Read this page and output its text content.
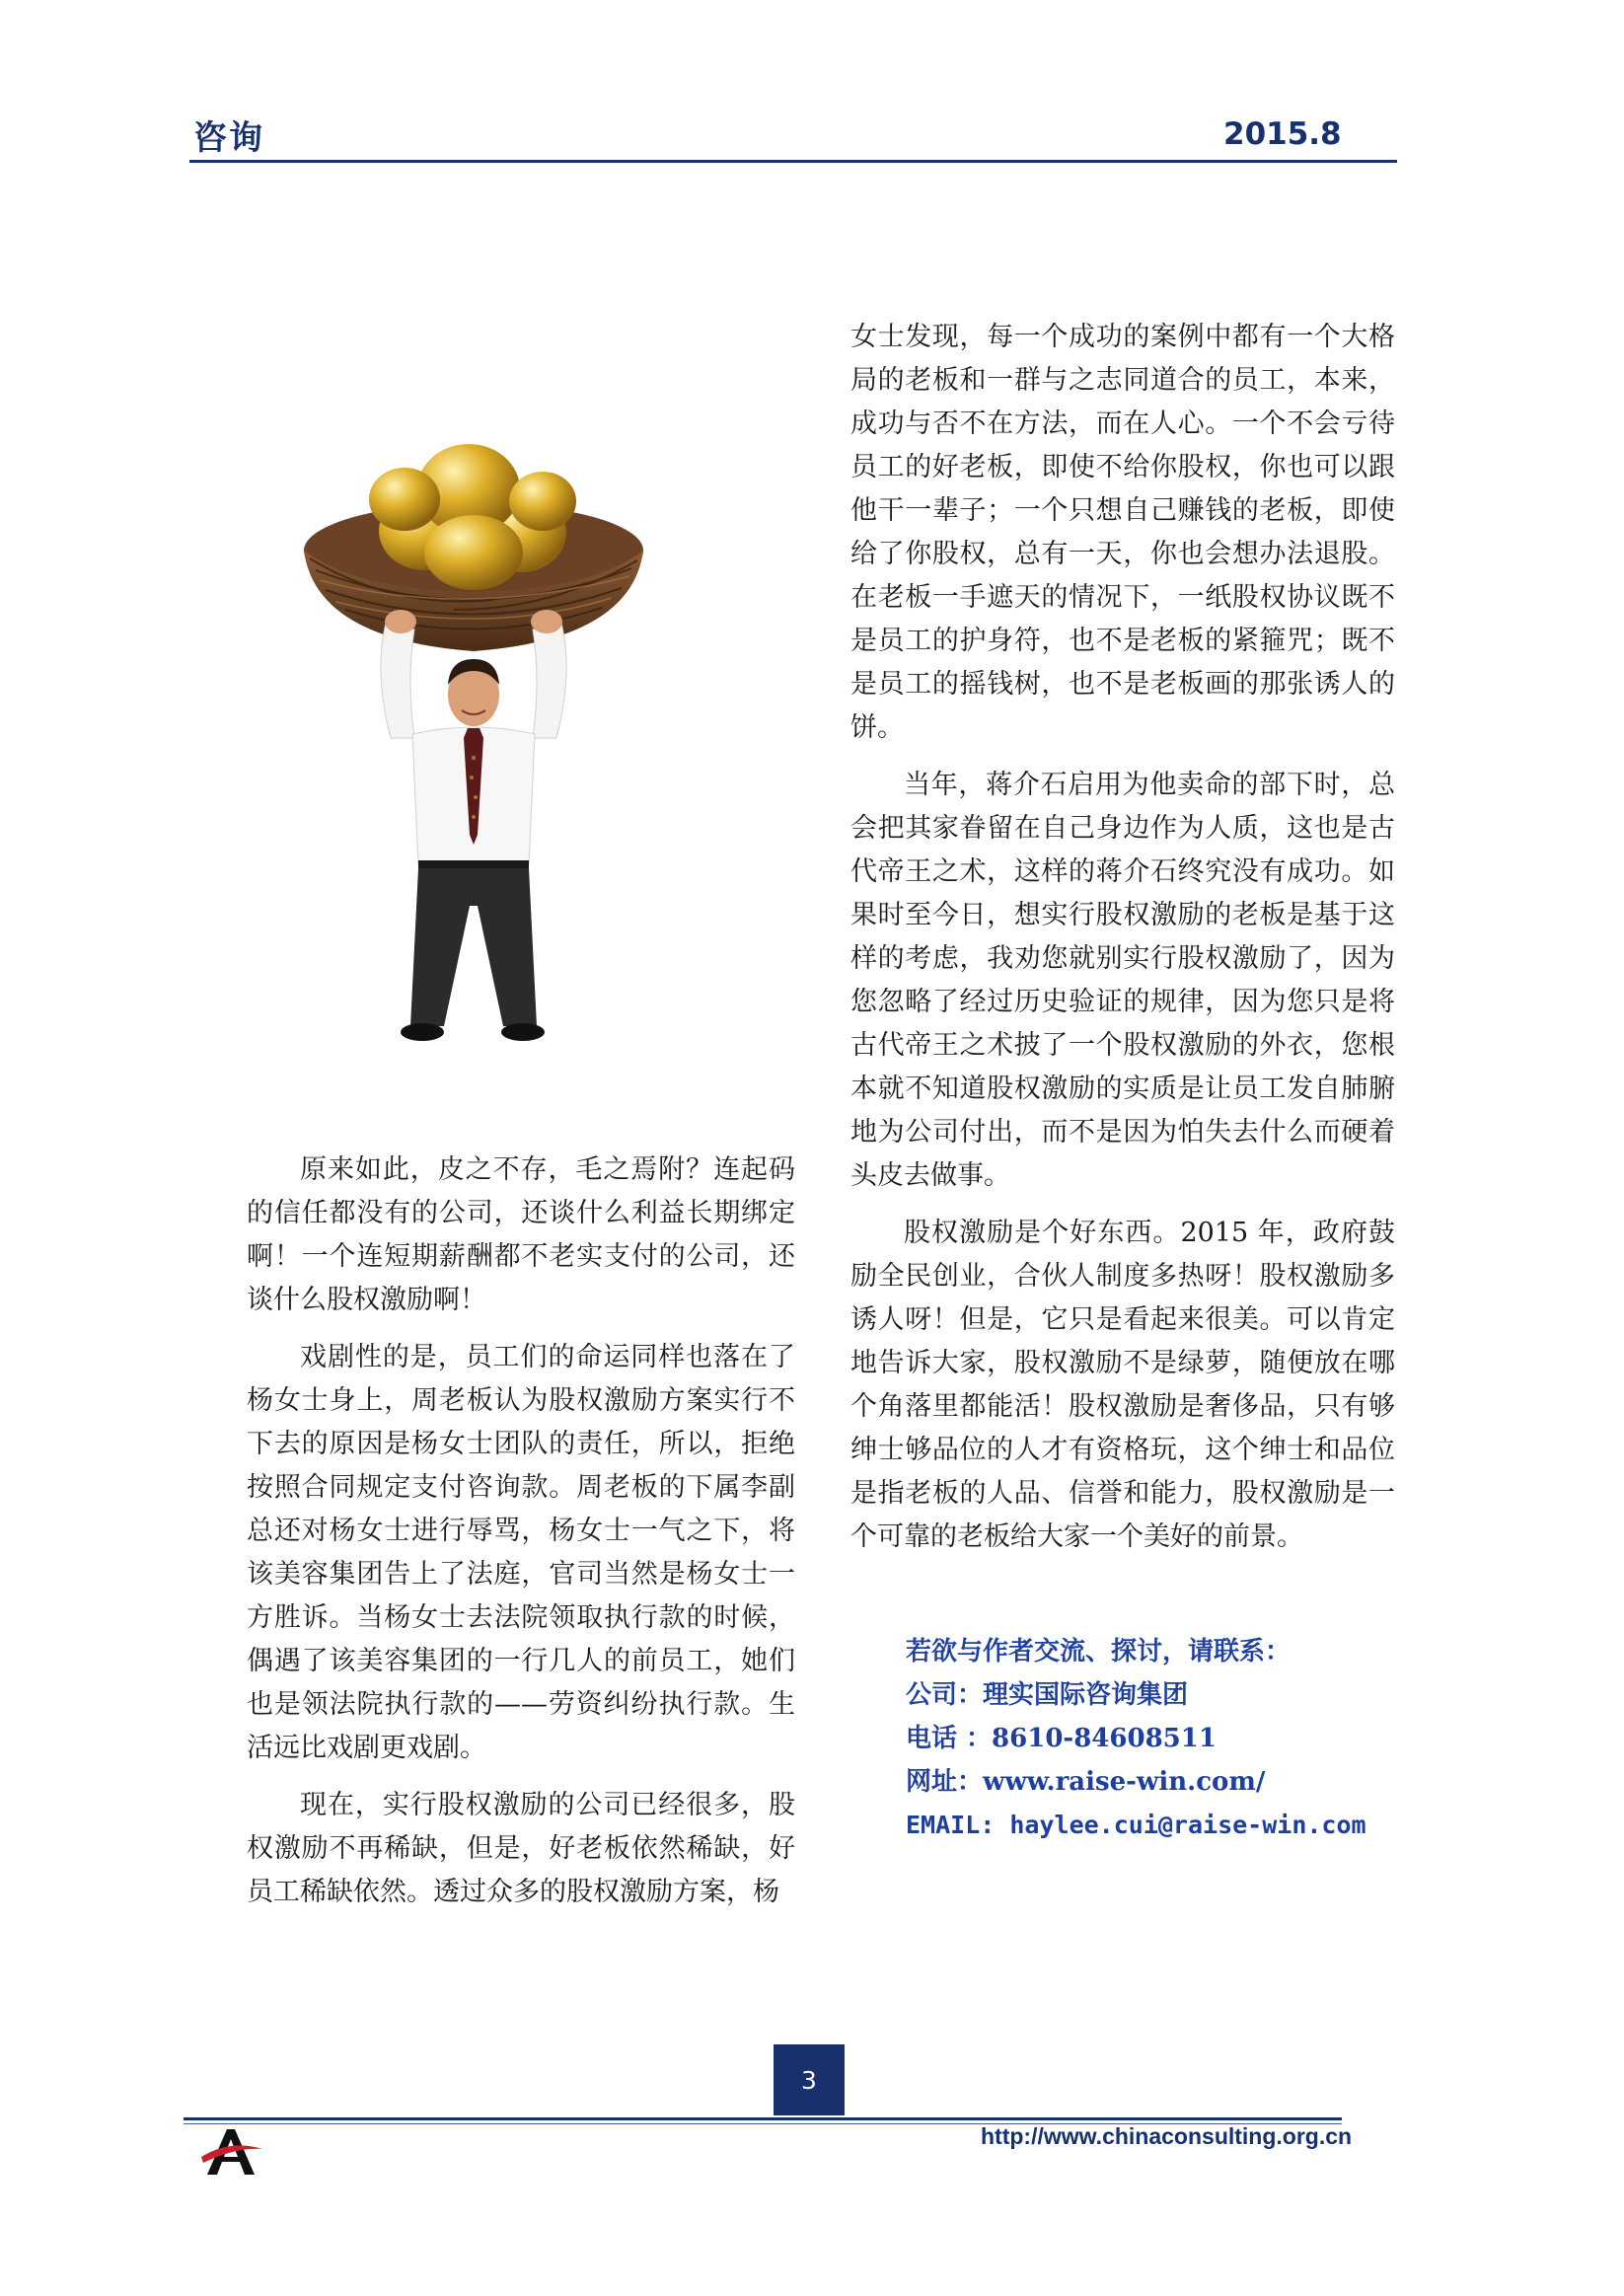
咨询	2015.8

原来如此，皮之不存，毛之焉附？连起码的信任都没有的公司，还谈什么利益长期绑定啊！一个连短期薪酬都不老实支付的公司，还谈什么股权激励啊！

戏剧性的是，员工们的命运同样也落在了杨女士身上，周老板认为股权激励方案实行不下去的原因是杨女士团队的责任，所以，拒绝按照合同规定支付咨询款。周老板的下属李副总还对杨女士进行辱骂，杨女士一气之下，将该美容集团告上了法庭，官司当然是杨女士一方胜诉。当杨女士去法院领取执行款的时候，偶遇了该美容集团的一行几人的前员工，她们也是领法院执行款的——劳资纠纷执行款。生活远比戏剧更戏剧。

现在，实行股权激励的公司已经很多，股权激励不再稀缺，但是，好老板依然稀缺，好员工稀缺依然。透过众多的股权激励方案，杨

女士发现，每一个成功的案例中都有一个大格局的老板和一群与之志同道合的员工，本来，成功与否不在方法，而在人心。一个不会亏待员工的好老板，即使不给你股权，你也可以跟他干一辈子；一个只想自己赚钱的老板，即使给了你股权，总有一天，你也会想办法退股。在老板一手遮天的情况下，一纸股权协议既不是员工的护身符，也不是老板的紧箍咒；既不是员工的摇钱树，也不是老板画的那张诱人的饼。

当年，蒋介石启用为他卖命的部下时，总会把其家眷留在自己身边作为人质，这也是古代帝王之术，这样的蒋介石终究没有成功。如果时至今日，想实行股权激励的老板是基于这样的考虑，我劝您就别实行股权激励了，因为您忽略了经过历史验证的规律，因为您只是将古代帝王之术披了一个股权激励的外衣，您根本就不知道股权激励的实质是让员工发自肺腑地为公司付出，而不是因为怕失去什么而硬着头皮去做事。

股权激励是个好东西。2015 年，政府鼓励全民创业，合伙人制度多热呀！股权激励多诱人呀！但是，它只是看起来很美。可以肯定地告诉大家，股权激励不是绿萝，随便放在哪个角落里都能活！股权激励是奢侈品，只有够绅士够品位的人才有资格玩，这个绅士和品位是指老板的人品、信誉和能力，股权激励是一个可靠的老板给大家一个美好的前景。

若欲与作者交流、探讨，请联系：
公司：理实国际咨询集团
电话 ：8610-84608511
网址：www.raise-win.com/
EMAIL: haylee.cui@raise-win.com
3
http://www.chinaconsulting.org.cn
